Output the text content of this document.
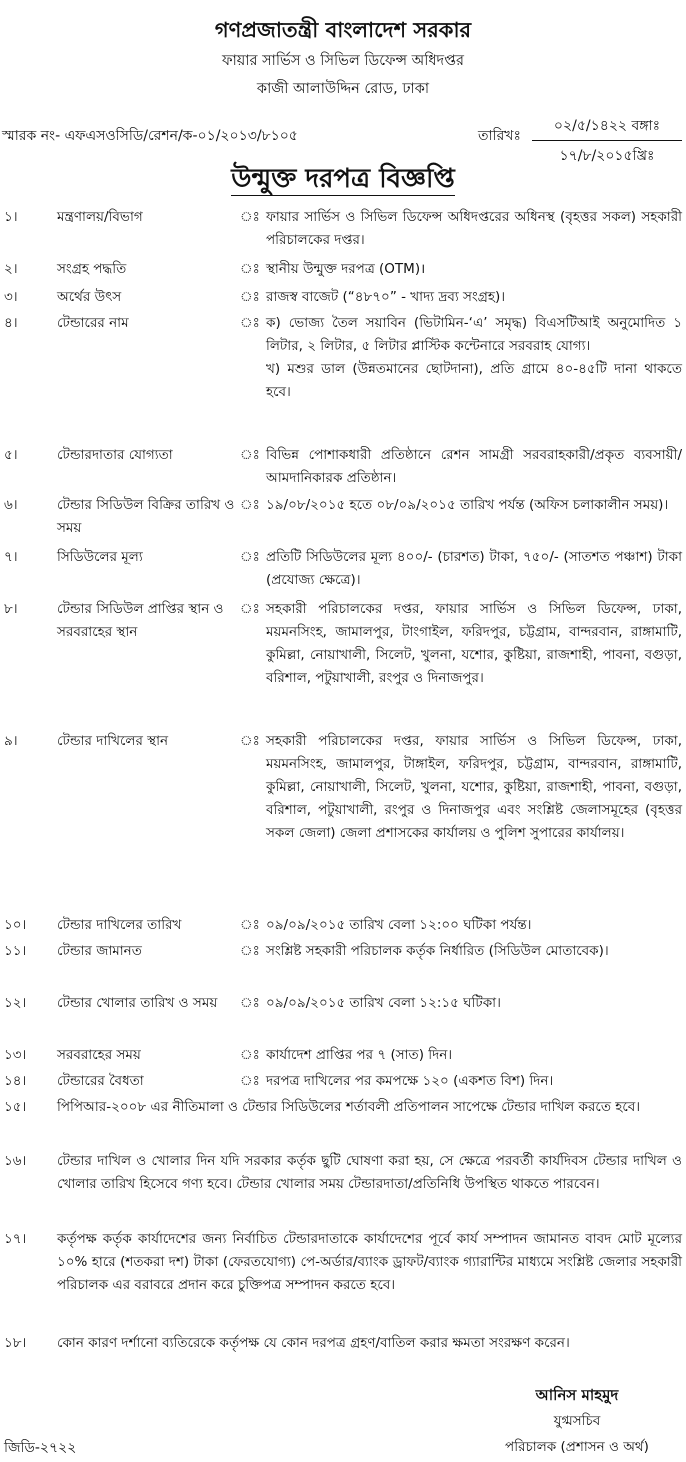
গণপ্রজাতন্ত্রী বাংলাদেশ সরকার
ফায়ার সার্ভিস ও সিভিল ডিফেন্স অধিদপ্তর
কাজী আলাউদ্দিন রোড, ঢাকা
স্মারক নং- এফএসওসিডি/রেশন/ক-০১/২০১৩/৮১০৫	তারিখঃ
০২/৫/১৪২২ বঙ্গাঃ
১৭/৮/২০১৫খ্রিঃ
উন্মুক্ত দরপত্র বিজ্ঞপ্তি
১।	মন্ত্রণালয়/বিভাগ	ঃ ফায়ার সার্ভিস ও সিভিল ডিফেন্স অধিদপ্তরের অধিনস্থ (বৃহত্তর সকল) সহকারী পরিচালকের দপ্তর।
২।	সংগ্রহ পদ্ধতি	ঃ স্থানীয় উন্মুক্ত দরপত্র (OTM)।
৩।	অর্থের উৎস	ঃ রাজস্ব বাজেট (“৪৮৭০” - খাদ্য দ্রব্য সংগ্রহ)।
৪।	টেন্ডারের নাম	ঃ ক) ভোজ্য তৈল সয়াবিন (ভিটামিন-‘এ’ সমৃদ্ধ) বিএসটিআই অনুমোদিত ১ লিটার, ২ লিটার, ৫ লিটার প্লাস্টিক কন্টেনারে সরবরাহ যোগ্য।
খ) মশুর ডাল (উন্নতমানের ছোটদানা), প্রতি গ্রামে ৪০-৪৫টি দানা থাকতে হবে।
৫।	টেন্ডারদাতার যোগ্যতা	ঃ বিভিন্ন পোশাকধারী প্রতিষ্ঠানে রেশন সামগ্রী সরবরাহকারী/প্রকৃত ব্যবসায়ী/আমদানিকারক প্রতিষ্ঠান।
৬।	টেন্ডার সিডিউল বিক্রির তারিখ ও সময়
ঃ ১৯/০৮/২০১৫ হতে ০৮/০৯/২০১৫ তারিখ পর্যন্ত (অফিস চলাকালীন সময়)।
৭।	সিডিউলের মূল্য	ঃ প্রতিটি সিডিউলের মূল্য ৪০০/- (চারশত) টাকা, ৭৫০/- (সাতশত পঞ্চাশ) টাকা (প্রযোজ্য ক্ষেত্রে)।
৮।	টেন্ডার সিডিউল প্রাপ্তির স্থান ও সরবরাহের স্থান
ঃ সহকারী পরিচালকের দপ্তর, ফায়ার সার্ভিস ও সিভিল ডিফেন্স, ঢাকা, ময়মনসিংহ, জামালপুর, টাংগাইল, ফরিদপুর, চট্টগ্রাম, বান্দরবান, রাঙ্গামাটি, কুমিল্লা, নোয়াখালী, সিলেট, খুলনা, যশোর, কুষ্টিয়া, রাজশাহী, পাবনা, বগুড়া, বরিশাল, পটুয়াখালী, রংপুর ও দিনাজপুর।
৯।	টেন্ডার দাখিলের স্থান	ঃ সহকারী পরিচালকের দপ্তর, ফায়ার সার্ভিস ও সিভিল ডিফেন্স, ঢাকা, ময়মনসিংহ, জামালপুর, টাঙ্গাইল, ফরিদপুর, চট্টগ্রাম, বান্দরবান, রাঙ্গামাটি, কুমিল্লা, নোয়াখালী, সিলেট, খুলনা, যশোর, কুষ্টিয়া, রাজশাহী, পাবনা, বগুড়া, বরিশাল, পটুয়াখালী, রংপুর ও দিনাজপুর এবং সংশ্লিষ্ট জেলাসমূহের (বৃহত্তর সকল জেলা) জেলা প্রশাসকের কার্যালয় ও পুলিশ সুপারের কার্যালয়।
১০। টেন্ডার দাখিলের তারিখ	ঃ ০৯/০৯/২০১৫ তারিখ বেলা ১২:০০ ঘটিকা পর্যন্ত।
১১। টেন্ডার জামানত	ঃ সংশ্লিষ্ট সহকারী পরিচালক কর্তৃক নির্ধারিত (সিডিউল মোতাবেক)।
১২। টেন্ডার খোলার তারিখ ও সময়	ঃ ০৯/০৯/২০১৫ তারিখ বেলা ১২:১৫ ঘটিকা।
১৩। সরবরাহের সময়	ঃ কার্যাদেশ প্রাপ্তির পর ৭ (সাত) দিন।
১৪। টেন্ডারের বৈধতা	ঃ দরপত্র দাখিলের পর কমপক্ষে ১২০ (একশত বিশ) দিন।
১৫। পিপিআর-২০০৮ এর নীতিমালা ও টেন্ডার সিডিউলের শর্তাবলী প্রতিপালন সাপেক্ষে টেন্ডার দাখিল করতে হবে।
১৬। টেন্ডার দাখিল ও খোলার দিন যদি সরকার কর্তৃক ছুটি ঘোষণা করা হয়, সে ক্ষেত্রে পরবর্তী কার্যদিবস টেন্ডার দাখিল ও খোলার তারিখ হিসেবে গণ্য হবে। টেন্ডার খোলার সময় টেন্ডারদাতা/প্রতিনিধি উপস্থিত থাকতে পারবেন।
১৭। কর্তৃপক্ষ কর্তৃক কার্যাদেশের জন্য নির্বাচিত টেন্ডারদাতাকে কার্যাদেশের পূর্বে কার্য সম্পাদন জামানত বাবদ মোট মূল্যের ১০% হারে (শতকরা দশ) টাকা (ফেরতযোগ্য) পে-অর্ডার/ব্যাংক ড্রাফট/ব্যাংক গ্যারান্টির মাধ্যমে সংশ্লিষ্ট জেলার সহকারী পরিচালক এর বরাবরে প্রদান করে চুক্তিপত্র সম্পাদন করতে হবে।
১৮। কোন কারণ দর্শানো ব্যতিরেকে কর্তৃপক্ষ যে কোন দরপত্র গ্রহণ/বাতিল করার ক্ষমতা সংরক্ষণ করেন।
আনিস মাহমুদ
যুগ্মসচিব
পরিচালক (প্রশাসন ও অর্থ)
জিডি-২৭২২
